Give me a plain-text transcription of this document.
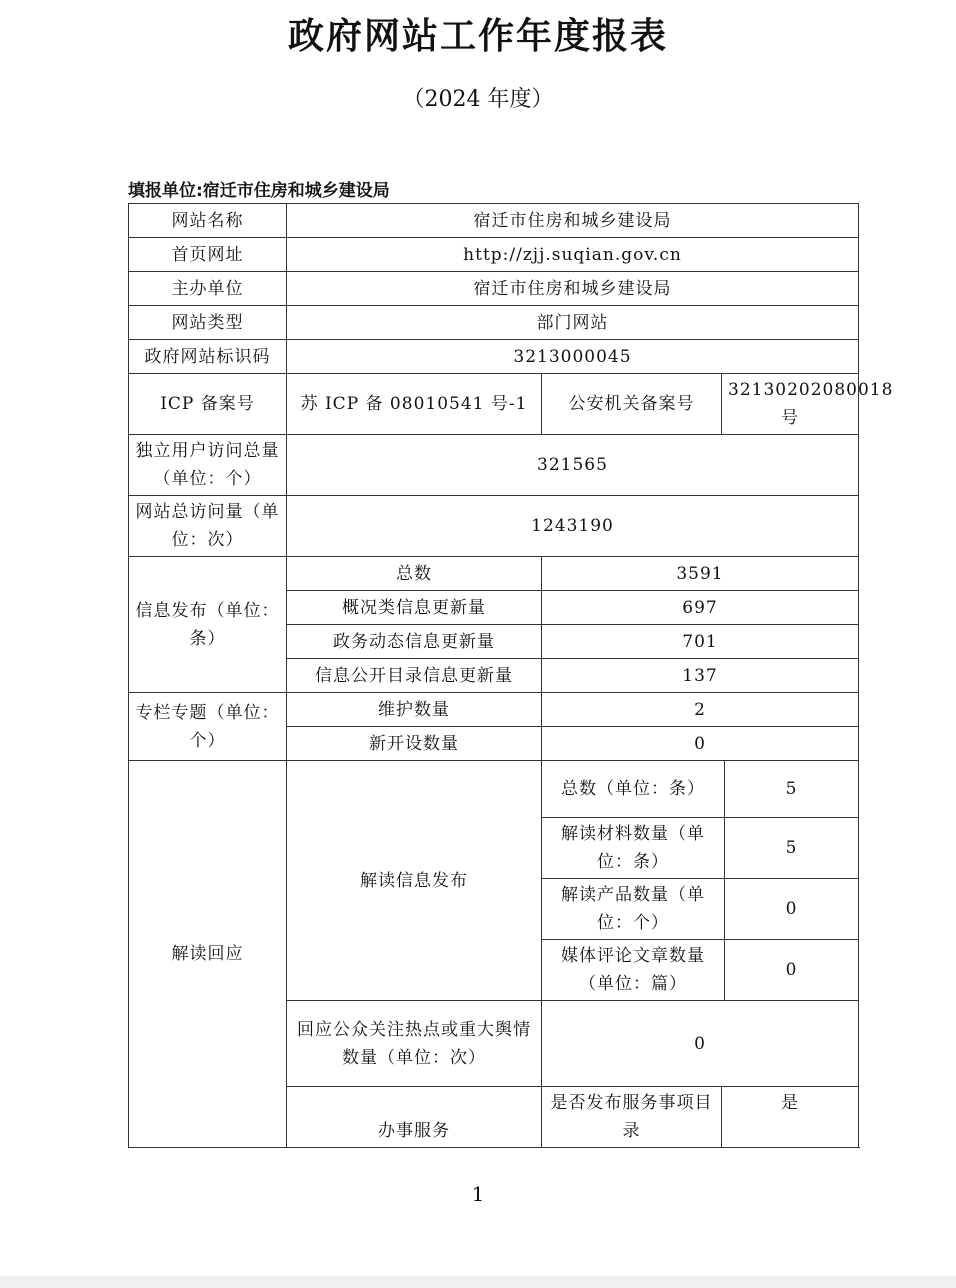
政府网站工作年度报表
（2024 年度）
填报单位:宿迁市住房和城乡建设局
网站名称	宿迁市住房和城乡建设局			
首页网址	http://zjj.suqian.gov.cn			
主办单位	宿迁市住房和城乡建设局			
网站类型	部门网站			
政府网站标识码	3213000045			
ICP 备案号	苏 ICP 备 08010541 号-1	公安机关备案号	32130202080018 号	
独立用户访问总量（单位：个）	321565			
网站总访问量（单位：次）	1243190			
信息发布（单位：条）	总数	3591		
	概况类信息更新量	697		
	政务动态信息更新量	701		
	信息公开目录信息更新量	137		
专栏专题（单位：个）	维护数量	2		
	新开设数量	0		
解读回应	解读信息发布	总数（单位：条）		5
		解读材料数量（单位：条）		5
		解读产品数量（单位：个）		0
		媒体评论文章数量（单位：篇）		0
	回应公众关注热点或重大舆情数量（单位：次）	0		
	办事服务	是否发布服务事项目录	是	
1
